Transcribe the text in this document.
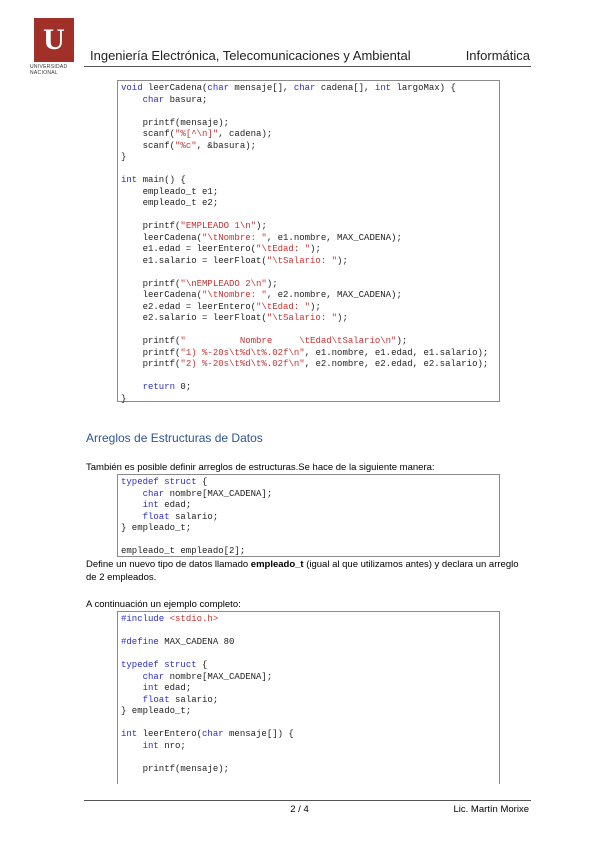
U
UNIVERSIDAD NACIONAL
Ingeniería Electrónica, Telecomunicaciones y Ambiental	Informática
void leerCadena(char mensaje[], char cadena[], int largoMax) {
char basura;
printf(mensaje);
scanf("%[^\n]", cadena);
scanf("%c", &basura);
}
int main() {
empleado_t e1;
empleado_t e2;
printf("EMPLEADO 1\n");
leerCadena("\tNombre: ", e1.nombre, MAX_CADENA);
e1.edad = leerEntero("\tEdad: ");
e1.salario = leerFloat("\tSalario: ");
printf("\nEMPLEADO 2\n");
leerCadena("\tNombre: ", e2.nombre, MAX_CADENA);
e2.edad = leerEntero("\tEdad: ");
e2.salario = leerFloat("\tSalario: ");
printf("          Nombre     \tEdad\tSalario\n");
printf("1) %-20s\t%d\t%.02f\n", e1.nombre, e1.edad, e1.salario);
printf("2) %-20s\t%d\t%.02f\n", e2.nombre, e2.edad, e2.salario);
return 0;
}
Arreglos de Estructuras de Datos
También es posible definir arreglos de estructuras.Se hace de la siguiente manera:
typedef struct {
char nombre[MAX_CADENA];
int edad;
float salario;
} empleado_t;
empleado_t empleado[2];
Define un nuevo tipo de datos llamado empleado_t (igual al que utilizamos antes) y declara un arreglo de 2 empleados.
A continuación un ejemplo completo:
#include <stdio.h>
#define MAX_CADENA 80
typedef struct {
char nombre[MAX_CADENA];
int edad;
float salario;
} empleado_t;
int leerEntero(char mensaje[]) {
int nro;
printf(mensaje);
2 / 4	Lic. Martín Morixe
